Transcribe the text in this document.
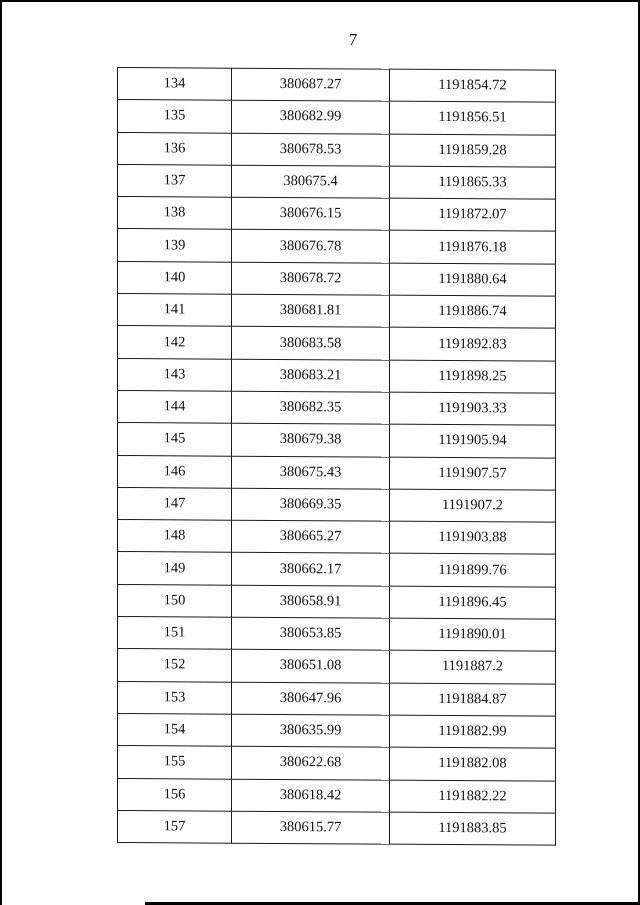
7
134	380687.27	1191854.72
135	380682.99	1191856.51
136	380678.53	1191859.28
137	380675.4	1191865.33
138	380676.15	1191872.07
139	380676.78	1191876.18
140	380678.72	1191880.64
141	380681.81	1191886.74
142	380683.58	1191892.83
143	380683.21	1191898.25
144	380682.35	1191903.33
145	380679.38	1191905.94
146	380675.43	1191907.57
147	380669.35	1191907.2
148	380665.27	1191903.88
149	380662.17	1191899.76
150	380658.91	1191896.45
151	380653.85	1191890.01
152	380651.08	1191887.2
153	380647.96	1191884.87
154	380635.99	1191882.99
155	380622.68	1191882.08
156	380618.42	1191882.22
157	380615.77	1191883.85
